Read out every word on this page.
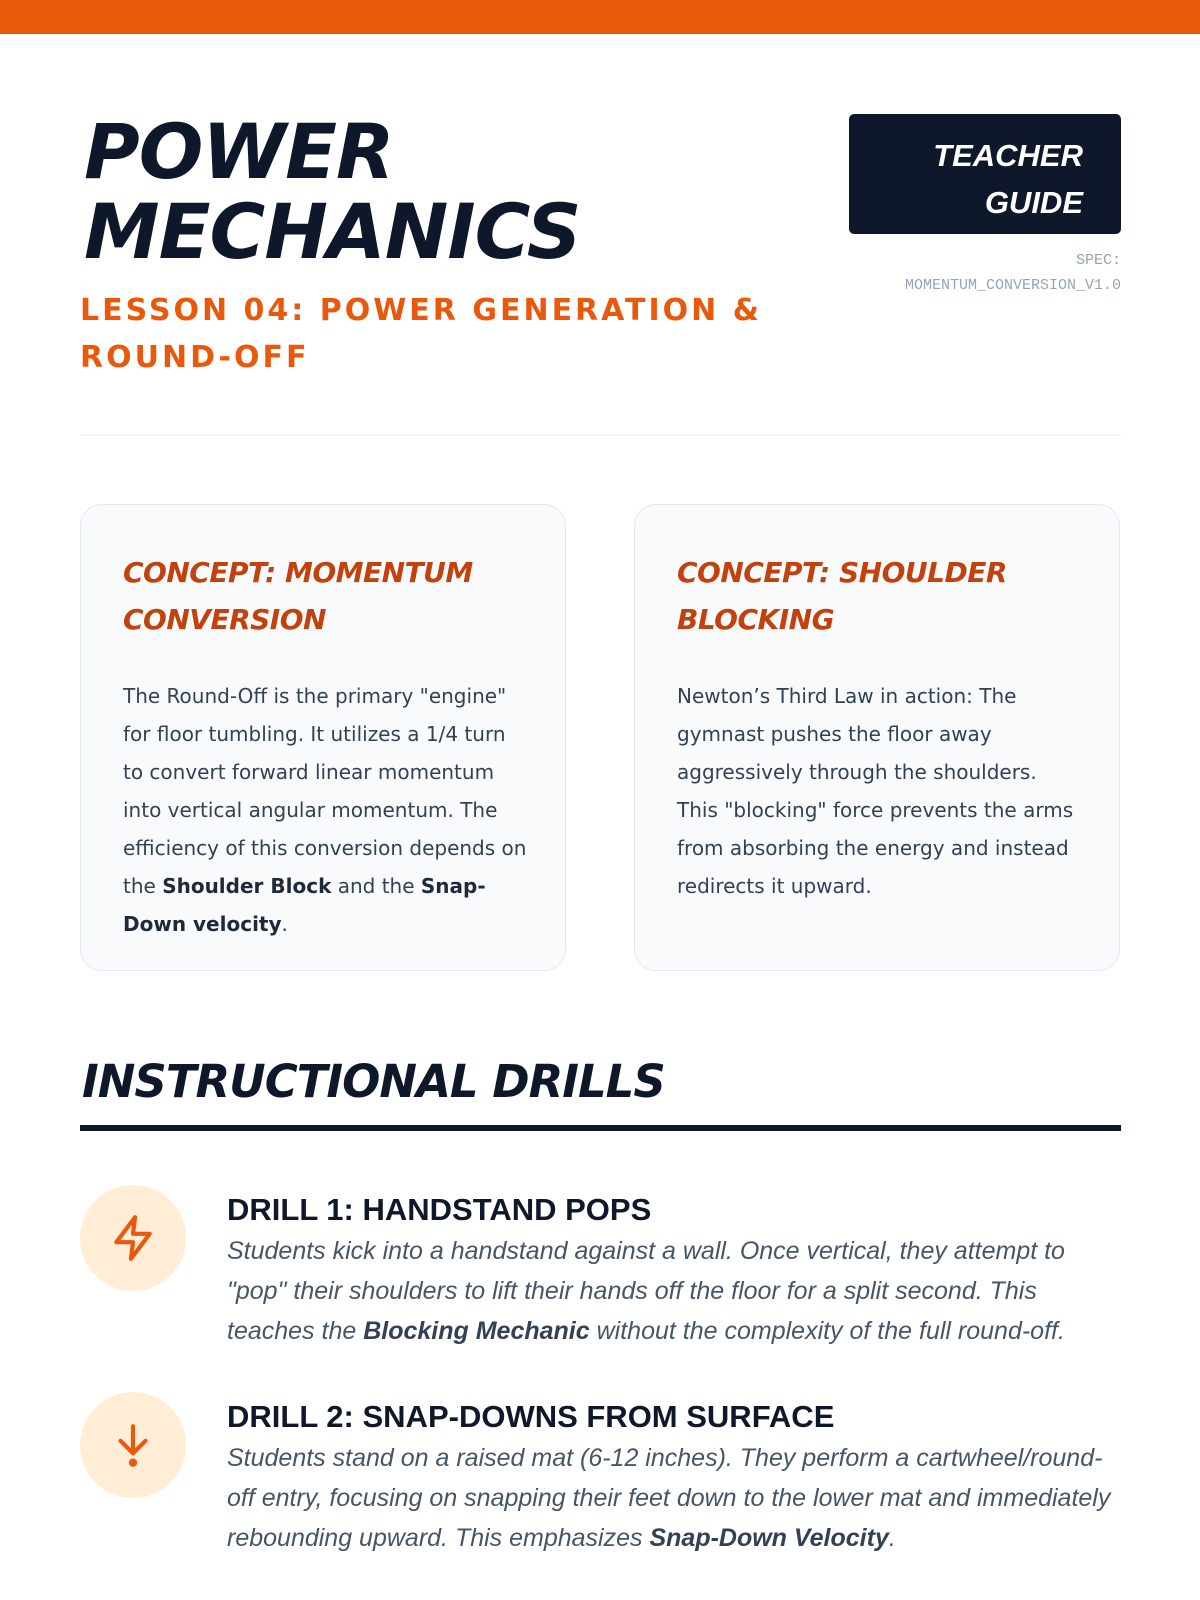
POWER
MECHANICS
LESSON 04: POWER GENERATION & ROUND-OFF
TEACHER
GUIDE
SPEC:
MOMENTUM_CONVERSION_V1.0
CONCEPT: MOMENTUM CONVERSION

The Round-Off is the primary "engine" for floor tumbling. It utilizes a 1/4 turn to convert forward linear momentum into vertical angular momentum. The efficiency of this conversion depends on the Shoulder Block and the Snap-Down velocity.

CONCEPT: SHOULDER BLOCKING

Newton’s Third Law in action: The gymnast pushes the floor away aggressively through the shoulders. This "blocking" force prevents the arms from absorbing the energy and instead redirects it upward.

INSTRUCTIONAL DRILLS
DRILL 1: HANDSTAND POPS

Students kick into a handstand against a wall. Once vertical, they attempt to "pop" their shoulders to lift their hands off the floor for a split second. This teaches the Blocking Mechanic without the complexity of the full round-off.

DRILL 2: SNAP-DOWNS FROM SURFACE

Students stand on a raised mat (6-12 inches). They perform a cartwheel/round-off entry, focusing on snapping their feet down to the lower mat and immediately rebounding upward. This emphasizes Snap-Down Velocity.
